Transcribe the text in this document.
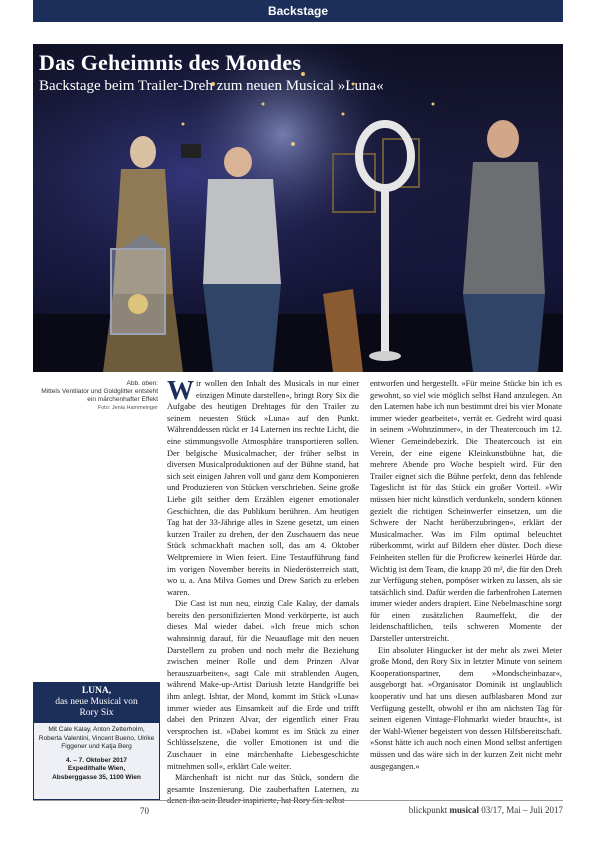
Backstage
Das Geheimnis des Mondes

Backstage beim Trailer-Dreh zum neuen Musical »Luna«

Abb. oben:
Mittels Ventilator und Goldglitter entsteht
ein märchenhafter Effekt
Foto: Jenia Hammeinger

Wir wollen den Inhalt des Musicals in nur einer einzigen Minute darstellen«, bringt Rory Six die Aufgabe des heutigen Drehtages für den Trailer zu seinem neuesten Stück »Luna« auf den Punkt. Währenddessen rückt er 14 Laternen ins rechte Licht, die eine stimmungsvolle Atmosphäre transportieren sollen. Der belgische Musicalmacher, der früher selbst in diversen Musicalproduktionen auf der Bühne stand, hat sich seit einigen Jahren voll und ganz dem Komponieren und Produzieren von Stücken verschrieben. Seine große Liebe gilt seither dem Erzählen eigener emotionaler Geschichten, die das Publikum berühren. Am heutigen Tag hat der 33-Jährige alles in Szene gesetzt, um einen kurzen Trailer zu drehen, der den Zuschauern das neue Stück schmackhaft machen soll, das am 4. Oktober Weltpremiere in Wien feiert. Eine Testaufführung fand im vorigen November bereits in Niederösterreich statt, wo u. a. Ana Milva Gomes und Drew Sarich zu erleben waren.

Die Cast ist nun neu, einzig Cale Kalay, der damals bereits den personifizierten Mond verkörperte, ist auch dieses Mal wieder dabei. »Ich freue mich schon wahnsinnig darauf, für die Neuauflage mit den neuen Darstellern zu proben und noch mehr die Beziehung zwischen meiner Rolle und dem Prinzen Alvar herauszuarbeiten«, sagt Cale mit strahlenden Augen, während Make-up-Artist Dariush letzte Handgriffe bei ihm anlegt. Ishtar, der Mond, kommt im Stück »Luna« immer wieder aus Einsamkeit auf die Erde und trifft dabei den Prinzen Alvar, der eigentlich einer Frau versprochen ist. »Dabei kommt es im Stück zu einer Schlüsselszene, die voller Emotionen ist und die Zuschauer in eine märchenhafte Liebesgeschichte mitnehmen soll«, erklärt Cale weiter.

Märchenhaft ist nicht nur das Stück, sondern die gesamte Inszenierung. Die zauberhaften Laternen, zu denen ihn sein Bruder inspirierte, hat Rory Six selbst

entworfen und hergestellt. »Für meine Stücke bin ich es gewohnt, so viel wie möglich selbst Hand anzulegen. An den Laternen habe ich nun bestimmt drei bis vier Monate immer wieder gearbeitet«, verrät er. Gedreht wird quasi in seinem »Wohnzimmer«, in der Theatercouch im 12. Wiener Gemeindebezirk. Die Theatercouch ist ein Verein, der eine eigene Kleinkunstbühne hat, die mehrere Abende pro Woche bespielt wird. Für den Trailer eignet sich die Bühne perfekt, denn das fehlende Tageslicht ist für das Stück ein großer Vorteil. »Wir müssen hier nicht künstlich verdunkeln, sondern können gezielt die richtigen Scheinwerfer einsetzen, um die Schwere der Nacht herüberzubringen«, erklärt der Musicalmacher. Was im Film optimal beleuchtet rüberkommt, wirkt auf Bildern eher düster. Doch diese Feinheiten stellen für die Proficrew keinerlei Hürde dar. Wichtig ist dem Team, die knapp 20 m², die für den Dreh zur Verfügung stehen, pompöser wirken zu lassen, als sie tatsächlich sind. Dafür werden die farbenfrohen Laternen immer wieder anders drapiert. Eine Nebelmaschine sorgt für einen zusätzlichen Raumeffekt, die der leidenschaftlichen, teils schweren Momente der Darsteller unterstreicht.

Ein absoluter Hingucker ist der mehr als zwei Meter große Mond, den Rory Six in letzter Minute von seinem Kooperationspartner, dem »Mondscheinbazar«, ausgeborgt hat. »Organisator Dominik ist unglaublich kooperativ und hat uns diesen aufblasbaren Mond zur Verfügung gestellt, obwohl er ihn am nächsten Tag für seinen eigenen Vintage-Flohmarkt wieder braucht«, ist der Wahl-Wiener begeistert von dessen Hilfsbereitschaft. »Sonst hätte ich auch noch einen Mond selbst anfertigen müssen und das wäre sich in der kurzen Zeit nicht mehr ausgegangen.«

LUNA,
das neue Musical von
Rory Six
Mit Cale Kalay, Anton Zetterholm, Roberta Valentini, Vincent Bueno, Ulrike Figgener und Katja Berg
4. – 7. Oktober 2017
Expedithalle Wien,
Absberggasse 35, 1100 Wien
70	blickpunkt musical 03/17, Mai – Juli 2017
